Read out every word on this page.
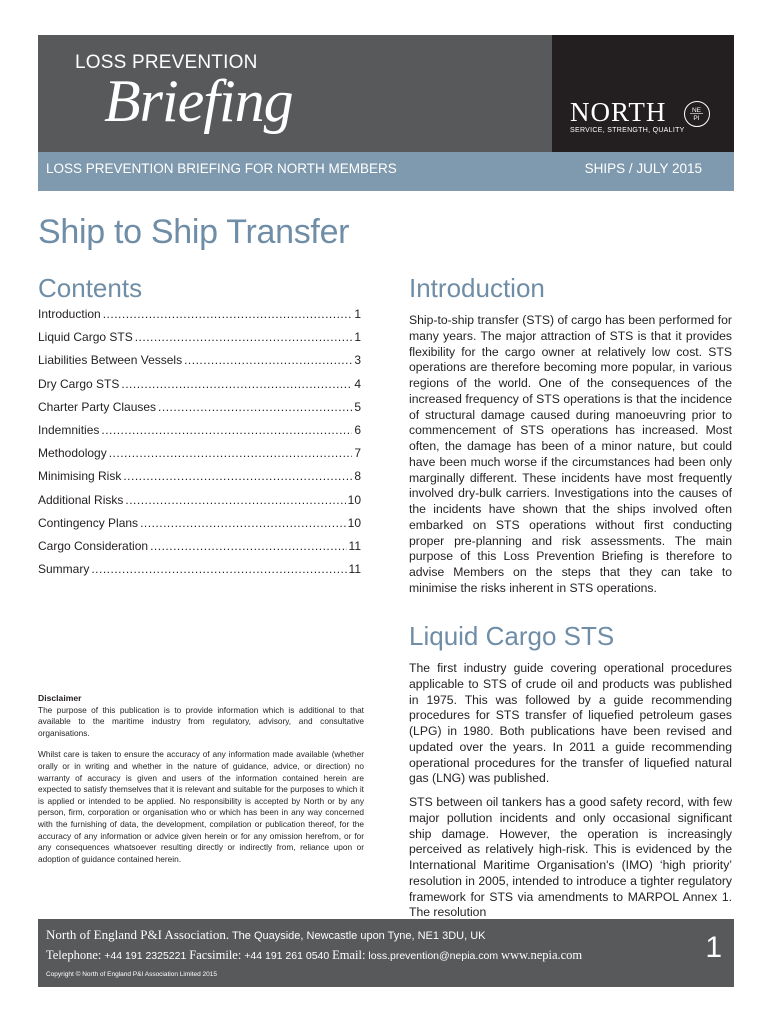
LOSS PREVENTION
Briefing	NORTH	NE
PI
SERVICE, STRENGTH, QUALITY
LOSS PREVENTION BRIEFING FOR NORTH MEMBERS	SHIPS / JULY 2015
Ship to Ship Transfer
Contents
Introduction .....	1
Liquid Cargo STS .....	1
Liabilities Between Vessels .....	3
Dry Cargo STS .....	4
Charter Party Clauses .....	5
Indemnities .....	6
Methodology .....	7
Minimising Risk .....	8
Additional Risks .....	10
Contingency Plans .....	10
Cargo Consideration .....	11
Summary .....	11
Disclaimer

The purpose of this publication is to provide information which is additional to that available to the maritime industry from regulatory, advisory, and consultative organisations.

Whilst care is taken to ensure the accuracy of any information made available (whether orally or in writing and whether in the nature of guidance, advice, or direction) no warranty of accuracy is given and users of the information contained herein are expected to satisfy themselves that it is relevant and suitable for the purposes to which it is applied or intended to be applied. No responsibility is accepted by North or by any person, firm, corporation or organisation who or which has been in any way concerned with the furnishing of data, the development, compilation or publication thereof, for the accuracy of any information or advice given herein or for any omission herefrom, or for any consequences whatsoever resulting directly or indirectly from, reliance upon or adoption of guidance contained herein.

Introduction

Ship-to-ship transfer (STS) of cargo has been performed for many years. The major attraction of STS is that it provides flexibility for the cargo owner at relatively low cost. STS operations are therefore becoming more popular, in various regions of the world. One of the consequences of the increased frequency of STS operations is that the incidence of structural damage caused during manoeuvring prior to commencement of STS operations has increased. Most often, the damage has been of a minor nature, but could have been much worse if the circumstances had been only marginally different. These incidents have most frequently involved dry-bulk carriers. Investigations into the causes of the incidents have shown that the ships involved often embarked on STS operations without first conducting proper pre-planning and risk assessments. The main purpose of this Loss Prevention Briefing is therefore to advise Members on the steps that they can take to minimise the risks inherent in STS operations.

Liquid Cargo STS

The first industry guide covering operational procedures applicable to STS of crude oil and products was published in 1975. This was followed by a guide recommending procedures for STS transfer of liquefied petroleum gases (LPG) in 1980. Both publications have been revised and updated over the years. In 2011 a guide recommending operational procedures for the transfer of liquefied natural gas (LNG) was published.

STS between oil tankers has a good safety record, with few major pollution incidents and only occasional significant ship damage. However, the operation is increasingly perceived as relatively high-risk. This is evidenced by the International Maritime Organisation's (IMO) ‘high priority’ resolution in 2005, intended to introduce a tighter regulatory framework for STS via amendments to MARPOL Annex 1. The resolution

North of England P&I Association. The Quayside, Newcastle upon Tyne, NE1 3DU, UK
Telephone: +44 191 2325221 Facsimile: +44 191 261 0540 Email: loss.prevention@nepia.com www.nepia.com
Copyright © North of England P&I Association Limited 2015
1
